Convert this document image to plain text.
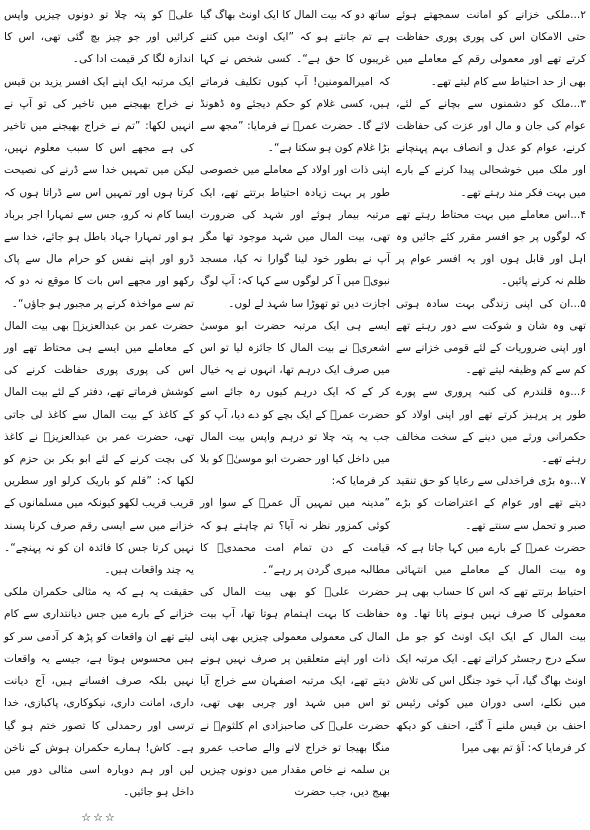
۲...ملکی خزانے کو امانت سمجھتے ہوئے حتی الامکان اس کی پوری پوری حفاظت کرتے تھے اور معمولی رقم کے معاملے میں بھی از حد احتیاط سے کام لیتے تھے۔

۳...ملک کو دشمنوں سے بچانے کے لئے، عوام کی جان و مال اور عزت کی حفاظت کرنے، عوام کو عدل و انصاف بہم پہنچانے اور ملک میں خوشحالی پیدا کرنے کے بارے میں بہت فکر مند رہتے تھے۔

۴...اس معاملے میں بہت محتاط رہتے تھے کہ لوگوں پر جو افسر مقرر کئے جائیں وہ اہل اور قابل ہوں اور یہ افسر عوام پر ظلم نہ کرنے پائیں۔

۵...ان کی اپنی زندگی بہت سادہ ہوتی تھی وہ شان و شوکت سے دور رہتے تھے اور اپنی ضروریات کے لئے قومی خزانے سے کم سے کم وظیفہ لیتے تھے۔

۶...وہ قلندرم کی کنبہ پروری سے پورے طور پر پرہیز کرتے تھے اور اپنی اولاد کو حکمرانی ورثے میں دینے کے سخت مخالف رہتے تھے۔

۷...وہ بڑی فراخدلی سے رعایا کو حق تنقید دیتے تھے اور عوام کے اعتراضات کو بڑے صبر و تحمل سے سنتے تھے۔

حضرت عمرؓ کے بارے میں کہا جاتا ہے کہ وہ بیت المال کے معاملے میں انتہائی احتیاط برتتے تھے کہ اس کا حساب بھی ہر معمولی کا صرف نہیں ہونے پاتا تھا۔ وہ بیت المال کے ایک ایک اونٹ کو جو مل سکے درج رجسٹر کراتے تھے۔ ایک مرتبہ ایک اونٹ بھاگ گیا، آپ خود جنگل اس کی تلاش میں نکلے، اسی دوران میں کوئی رئیس احنف بن قیس ملنے آ گئے، احنف کو دیکھ کر فرمایا کہ: آؤ تم بھی میرا

ساتھ دو کہ بیت المال کا ایک اونٹ بھاگ گیا ہے تم جانتے ہو کہ ”ایک اونٹ میں کتنے غریبوں کا حق ہے“۔ کسی شخص نے کہا کہ امیرالمومنین! آپ کیوں تکلیف فرماتے ہیں، کسی غلام کو حکم دیجئے وہ ڈھونڈ لائے گا۔ حضرت عمرؓ نے فرمایا: ”مجھ سے بڑا غلام کون ہو سکتا ہے“۔

اپنی ذات اور اولاد کے معاملے میں خصوصی طور پر بہت زیادہ احتیاط برتتے تھے، ایک مرتبہ بیمار ہوئے اور شہد کی ضرورت تھی، بیت المال میں شہد موجود تھا مگر آپ نے بطور خود لینا گوارا نہ کیا، مسجد نبویؐ میں آ کر لوگوں سے کہا کہ: آپ لوگ اجازت دیں تو تھوڑا سا شہد لے لوں۔

ایسے ہی ایک مرتبہ حضرت ابو موسیٰ اشعریؓ نے بیت المال کا جائزہ لیا تو اس میں صرف ایک درہم تھا، انہوں نے یہ خیال کر کے کہ ایک درہم کیوں رہ جائے اسے حضرت عمرؓ کے ایک بچے کو دے دیا، آپ کو جب یہ پتہ چلا تو درہم واپس بیت المال میں داخل کیا اور حضرت ابو موسیٰؓ کو بلا کر فرمایا کہ:

”مدینہ میں تمہیں آل عمرؓ کے سوا اور کوئی کمزور نظر نہ آیا؟ تم چاہتے ہو کہ قیامت کے دن تمام امت محمدیؐ کا مطالبہ میری گردن پر رہے“۔

حضرت علیؓ کو بھی بیت المال کی حفاظت کا بہت اہتمام ہوتا تھا، آپ بیت المال کی معمولی معمولی چیزیں بھی اپنی ذات اور اپنے متعلقین پر صرف نہیں ہونے دیتے تھے، ایک مرتبہ اصفہان سے خراج آیا تو اس میں شہد اور چربی بھی تھی، حضرت علیؓ کی صاحبزادی ام کلثومؓ نے منگا بھیجا تو خراج لانے والے صاحب عمرو بن سلمہ نے خاص مقدار میں دونوں چیزیں بھیج دیں، جب حضرت

علیؓ کو پتہ چلا تو دونوں چیزیں واپس کرائیں اور جو چیز بچ گئی تھی، اس کا اندازہ لگا کر قیمت ادا کی۔

ایک مرتبہ ایک اپنے ایک افسر یزید بن قیس نے خراج بھیجنے میں تاخیر کی تو آپ نے انہیں لکھا: ”تم نے خراج بھیجنے میں تاخیر کی ہے مجھے اس کا سبب معلوم نہیں، لیکن میں تمہیں خدا سے ڈرنے کی نصیحت کرتا ہوں اور تمہیں اس سے ڈراتا ہوں کہ ایسا کام نہ کرو، جس سے تمہارا اجر برباد ہو اور تمہارا جہاد باطل ہو جائے، خدا سے ڈرو اور اپنے نفس کو حرام مال سے پاک رکھو اور مجھے اس بات کا موقع نہ دو کہ تم سے مواخذہ کرنے پر مجبور ہو جاؤں“۔

حضرت عمر بن عبدالعزیزؒ بھی بیت المال کے معاملے میں ایسے ہی محتاط تھے اور اس کی پوری پوری حفاظت کرنے کی کوشش فرماتے تھے، دفتر کے لئے بیت المال کے کاغذ کے بیت المال سے کاغذ لی جاتی تھی، حضرت عمر بن عبدالعزیزؒ نے کاغذ کی بچت کرنے کے لئے ابو بکر بن حزم کو لکھا کہ: ”قلم کو باریک کرلو اور سطریں قریب قریب لکھو کیونکہ میں مسلمانوں کے خزانے میں سے ایسی رقم صرف کرنا پسند نہیں کرتا جس کا فائدہ ان کو نہ پہنچے“۔ یہ چند واقعات ہیں۔

حقیقت یہ ہے کہ یہ مثالی حکمران ملکی خزانے کے بارے میں جس دیانتداری سے کام لیتے تھے ان واقعات کو پڑھ کر آدمی سر کو ہیں محسوس ہوتا ہے، جیسے یہ واقعات نہیں بلکہ صرف افسانے ہیں، آج دیانت داری، امانت داری، نیکوکاری، پاکبازی، خدا ترسی اور رحمدلی کا تصور ختم ہو گیا ہے۔ کاش! ہمارے حکمران ہوش کے ناخن لیں اور ہم دوبارہ اسی مثالی دور میں داخل ہو جائیں۔

☆☆☆
